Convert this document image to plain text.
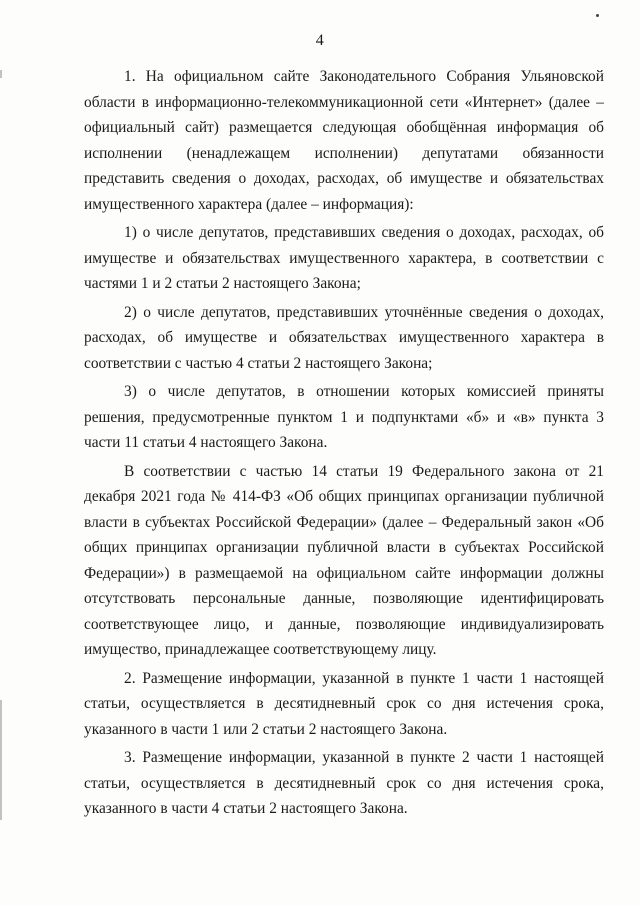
4

1. На официальном сайте Законодательного Собрания Ульяновской области в информационно-телекоммуникационной сети «Интернет» (далее – официальный сайт) размещается следующая обобщённая информация об исполнении (ненадлежащем исполнении) депутатами обязанности представить сведения о доходах, расходах, об имуществе и обязательствах имущественного характера (далее – информация):

1) о числе депутатов, представивших сведения о доходах, расходах, об имуществе и обязательствах имущественного характера, в соответствии с частями 1 и 2 статьи 2 настоящего Закона;

2) о числе депутатов, представивших уточнённые сведения о доходах, расходах, об имуществе и обязательствах имущественного характера в соответствии с частью 4 статьи 2 настоящего Закона;

3) о числе депутатов, в отношении которых комиссией приняты решения, предусмотренные пунктом 1 и подпунктами «б» и «в» пункта 3 части 11 статьи 4 настоящего Закона.

В соответствии с частью 14 статьи 19 Федерального закона от 21 декабря 2021 года № 414-ФЗ «Об общих принципах организации публичной власти в субъектах Российской Федерации» (далее – Федеральный закон «Об общих принципах организации публичной власти в субъектах Российской Федерации») в размещаемой на официальном сайте информации должны отсутствовать персональные данные, позволяющие идентифицировать соответствующее лицо, и данные, позволяющие индивидуализировать имущество, принадлежащее соответствующему лицу.

2. Размещение информации, указанной в пункте 1 части 1 настоящей статьи, осуществляется в десятидневный срок со дня истечения срока, указанного в части 1 или 2 статьи 2 настоящего Закона.

3. Размещение информации, указанной в пункте 2 части 1 настоящей статьи, осуществляется в десятидневный срок со дня истечения срока, указанного в части 4 статьи 2 настоящего Закона.
